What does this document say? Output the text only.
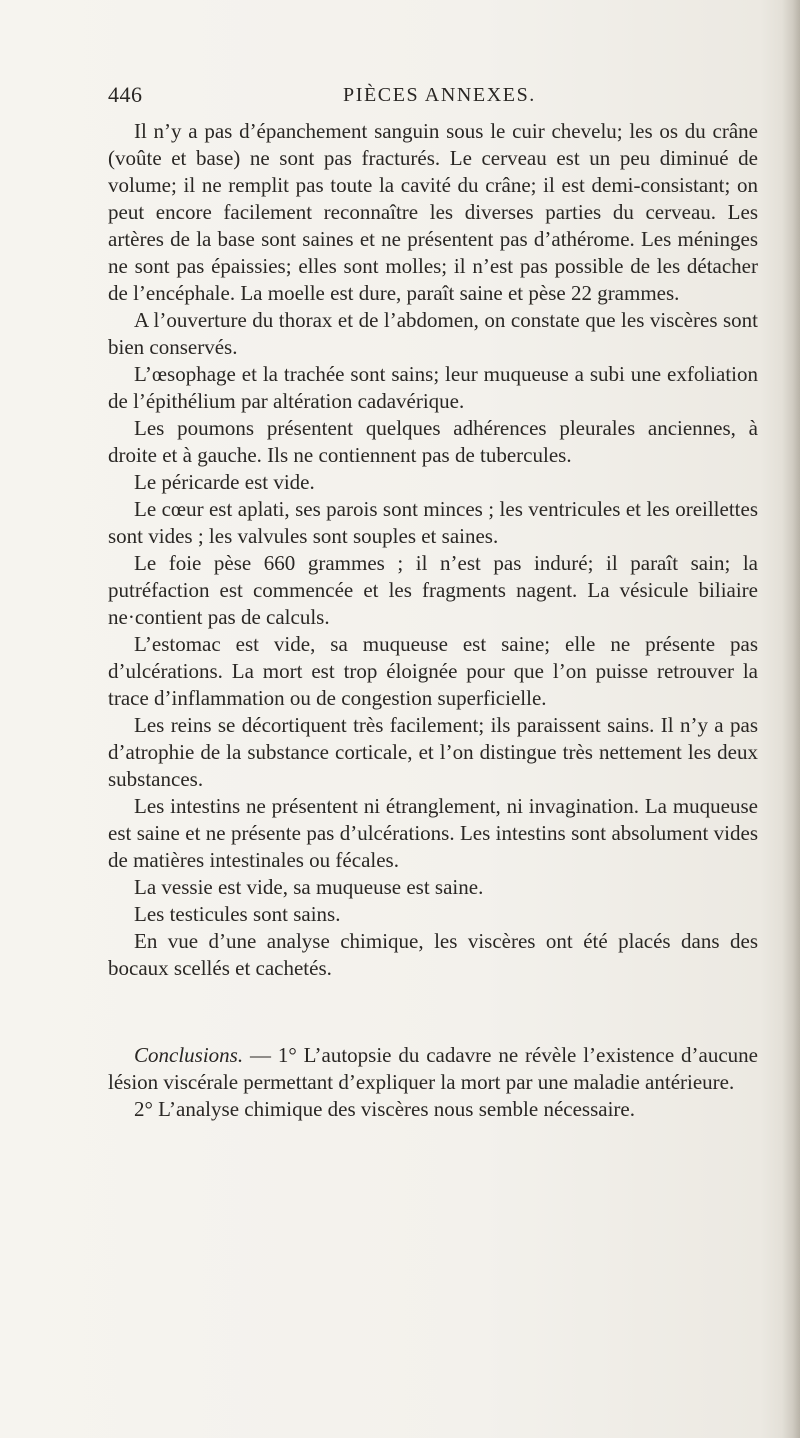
446	PIÈCES ANNEXES.

Il n’y a pas d’épanchement sanguin sous le cuir chevelu; les os du crâne (voûte et base) ne sont pas fracturés. Le cerveau est un peu diminué de volume; il ne remplit pas toute la cavité du crâne; il est demi-consistant; on peut encore facilement reconnaître les diverses parties du cerveau. Les artères de la base sont saines et ne présentent pas d’athérome. Les méninges ne sont pas épaissies; elles sont molles; il n’est pas possible de les détacher de l’encéphale. La moelle est dure, paraît saine et pèse 22 grammes.

A l’ouverture du thorax et de l’abdomen, on constate que les viscères sont bien conservés.

L’œsophage et la trachée sont sains; leur muqueuse a subi une exfoliation de l’épithélium par altération cadavérique.

Les poumons présentent quelques adhérences pleurales anciennes, à droite et à gauche. Ils ne contiennent pas de tubercules.

Le péricarde est vide.

Le cœur est aplati, ses parois sont minces ; les ventricules et les oreillettes sont vides ; les valvules sont souples et saines.

Le foie pèse 660 grammes ; il n’est pas induré; il paraît sain; la putréfaction est commencée et les fragments nagent. La vésicule biliaire ne·contient pas de calculs.

L’estomac est vide, sa muqueuse est saine; elle ne présente pas d’ulcérations. La mort est trop éloignée pour que l’on puisse retrouver la trace d’inflammation ou de congestion superficielle.

Les reins se décortiquent très facilement; ils paraissent sains. Il n’y a pas d’atrophie de la substance corticale, et l’on distingue très nettement les deux substances.

Les intestins ne présentent ni étranglement, ni invagination. La muqueuse est saine et ne présente pas d’ulcérations. Les intestins sont absolument vides de matières intestinales ou fécales.

La vessie est vide, sa muqueuse est saine.

Les testicules sont sains.

En vue d’une analyse chimique, les viscères ont été placés dans des bocaux scellés et cachetés.

Conclusions. — 1° L’autopsie du cadavre ne révèle l’existence d’aucune lésion viscérale permettant d’expliquer la mort par une maladie antérieure.

2° L’analyse chimique des viscères nous semble nécessaire.
